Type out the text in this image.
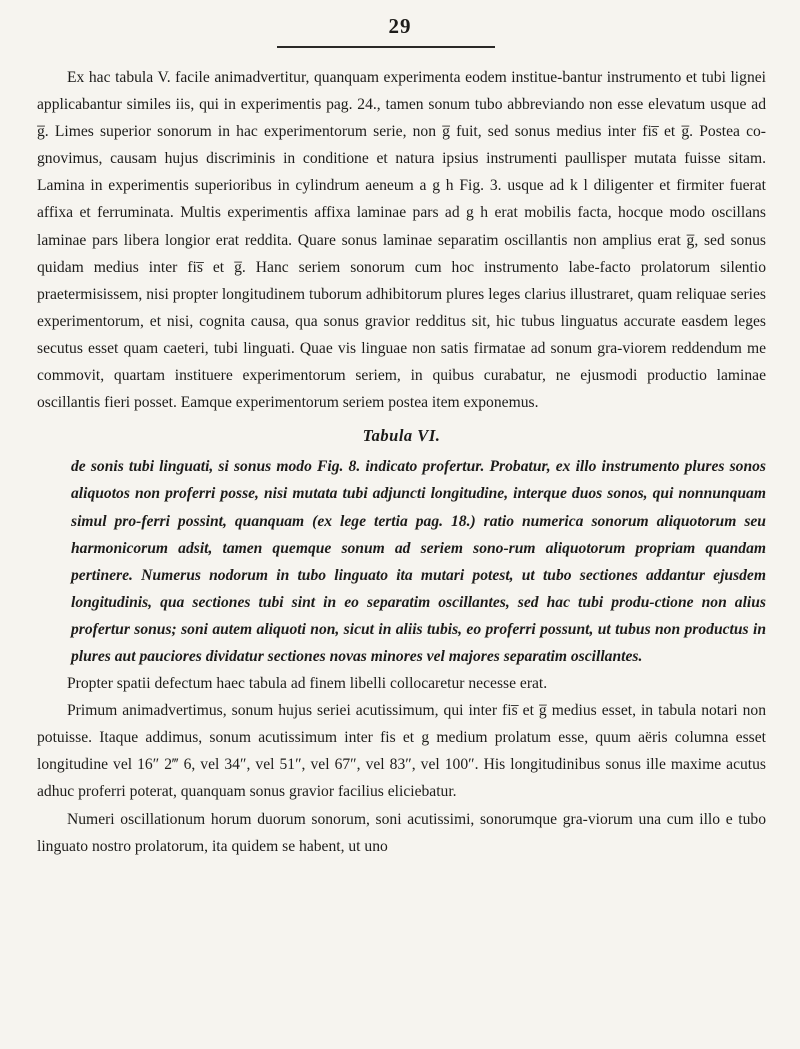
29

Ex hac tabula V. facile animadvertitur, quanquam experimenta eodem institue-bantur instrumento et tubi lignei applicabantur similes iis, qui in experimentis pag. 24., tamen sonum tubo abbreviando non esse elevatum usque ad g̅. Limes superior sonorum in hac experimentorum serie, non g̅ fuit, sed sonus medius inter fis̅ et g̅. Postea co-gnovimus, causam hujus discriminis in conditione et natura ipsius instrumenti paullisper mutata fuisse sitam. Lamina in experimentis superioribus in cylindrum aeneum a g h Fig. 3. usque ad k l diligenter et firmiter fuerat affixa et ferruminata. Multis experimentis affixa laminae pars ad g h erat mobilis facta, hocque modo oscillans laminae pars libera longior erat reddita. Quare sonus laminae separatim oscillantis non amplius erat g̅, sed sonus quidam medius inter fis̅ et g̅. Hanc seriem sonorum cum hoc instrumento labe-facto prolatorum silentio praetermisissem, nisi propter longitudinem tuborum adhibitorum plures leges clarius illustraret, quam reliquae series experimentorum, et nisi, cognita causa, qua sonus gravior redditus sit, hic tubus linguatus accurate easdem leges secutus esset quam caeteri, tubi linguati. Quae vis linguae non satis firmatae ad sonum gra-viorem reddendum me commovit, quartam instituere experimentorum seriem, in quibus curabatur, ne ejusmodi productio laminae oscillantis fieri posset. Eamque experimentorum seriem postea item exponemus.

Tabula VI.

de sonis tubi linguati, si sonus modo Fig. 8. indicato profertur. Probatur, ex illo instrumento plures sonos aliquotos non proferri posse, nisi mutata tubi adjuncti longitudine, interque duos sonos, qui nonnunquam simul pro-ferri possint, quanquam (ex lege tertia pag. 18.) ratio numerica sonorum aliquotorum seu harmonicorum adsit, tamen quemque sonum ad seriem sono-rum aliquotorum propriam quandam pertinere. Numerus nodorum in tubo linguato ita mutari potest, ut tubo sectiones addantur ejusdem longitudinis, qua sectiones tubi sint in eo separatim oscillantes, sed hac tubi produ-ctione non alius profertur sonus; soni autem aliquoti non, sicut in aliis tubis, eo proferri possunt, ut tubus non productus in plures aut pauciores dividatur sectiones novas minores vel majores separatim oscillantes.

Propter spatii defectum haec tabula ad finem libelli collocaretur necesse erat.

Primum animadvertimus, sonum hujus seriei acutissimum, qui inter fis̅ et g̅ medius esset, in tabula notari non potuisse. Itaque addimus, sonum acutissimum inter fis et g medium prolatum esse, quum aëris columna esset longitudine vel 16″ 2‴ 6, vel 34″, vel 51″, vel 67″, vel 83″, vel 100″. His longitudinibus sonus ille maxime acutus adhuc proferri poterat, quanquam sonus gravior facilius eliciebatur.

Numeri oscillationum horum duorum sonorum, soni acutissimi, sonorumque gra-viorum una cum illo e tubo linguato nostro prolatorum, ita quidem se habent, ut uno
